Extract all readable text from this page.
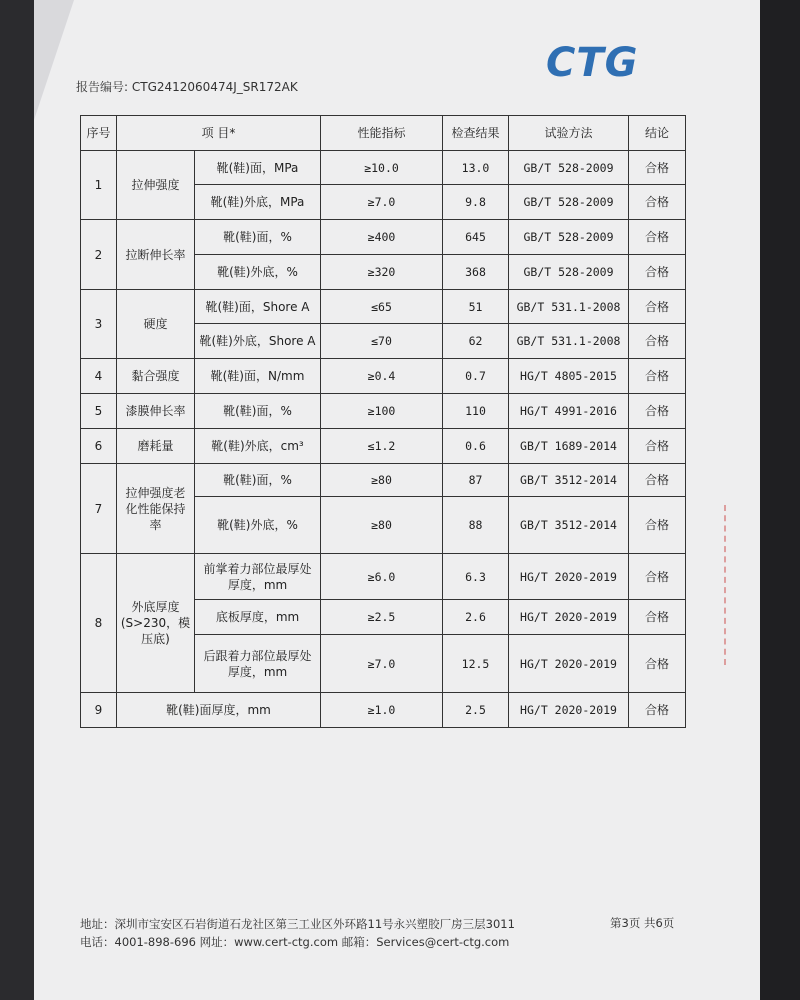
CTG
报告编号: CTG2412060474J_SR172AK
序号	项 目*		性能指标	检查结果	试验方法	结论
1	拉伸强度	靴(鞋)面，MPa	≥10.0	13.0	GB/T 528-2009	合格
		靴(鞋)外底，MPa	≥7.0	9.8	GB/T 528-2009	合格
2	拉断伸长率	靴(鞋)面，%	≥400	645	GB/T 528-2009	合格
		靴(鞋)外底，%	≥320	368	GB/T 528-2009	合格
3	硬度	靴(鞋)面，Shore A	≤65	51	GB/T 531.1-2008	合格
		靴(鞋)外底，Shore A	≤70	62	GB/T 531.1-2008	合格
4	黏合强度	靴(鞋)面，N/mm	≥0.4	0.7	HG/T 4805-2015	合格
5	漆膜伸长率	靴(鞋)面，%	≥100	110	HG/T 4991-2016	合格
6	磨耗量	靴(鞋)外底，cm³	≤1.2	0.6	GB/T 1689-2014	合格
7	拉伸强度老化性能保持率	靴(鞋)面，%	≥80	87	GB/T 3512-2014	合格
		靴(鞋)外底，%	≥80	88	GB/T 3512-2014	合格
8	外底厚度(S>230，模压底)	前掌着力部位最厚处厚度，mm	≥6.0	6.3	HG/T 2020-2019	合格
		底板厚度，mm	≥2.5	2.6	HG/T 2020-2019	合格
		后跟着力部位最厚处厚度，mm	≥7.0	12.5	HG/T 2020-2019	合格
9	靴(鞋)面厚度，mm		≥1.0	2.5	HG/T 2020-2019	合格
地址：深圳市宝安区石岩街道石龙社区第三工业区外环路11号永兴塑胶厂房三层3011
电话：4001-898-696 网址：www.cert-ctg.com 邮箱：Services@cert-ctg.com
第3页 共6页
